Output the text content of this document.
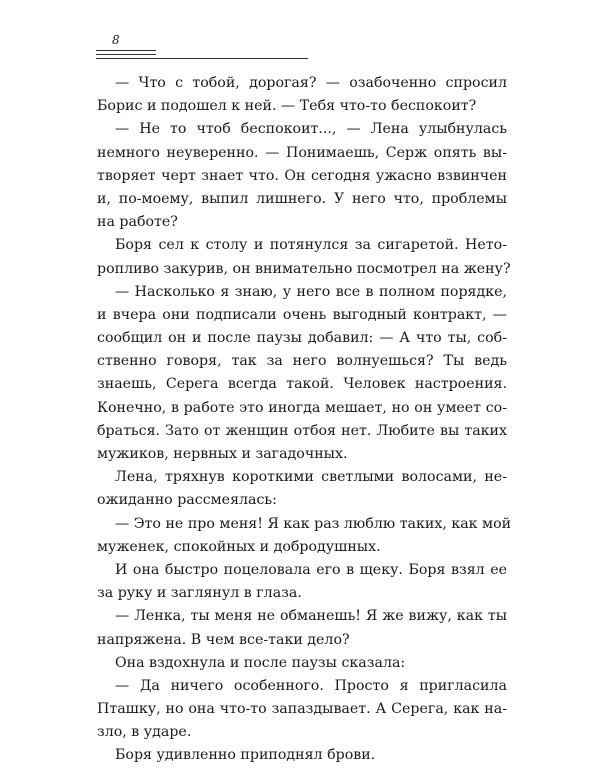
8
— Что с тобой, дорогая? — озабоченно спросил
Борис и подошел к ней. — Тебя что-то беспокоит?
— Не то чтоб беспокоит..., — Лена улыбнулась
немного неуверенно. — Понимаешь, Серж опять вы-
творяет черт знает что. Он сегодня ужасно взвинчен
и, по-моему, выпил лишнего. У него что, проблемы
на работе?
Боря сел к столу и потянулся за сигаретой. Нето-
ропливо закурив, он внимательно посмотрел на жену?
— Насколько я знаю, у него все в полном порядке,
и вчера они подписали очень выгодный контракт, —
сообщил он и после паузы добавил: — А что ты, соб-
ственно говоря, так за него волнуешься? Ты ведь
знаешь, Серега всегда такой. Человек настроения.
Конечно, в работе это иногда мешает, но он умеет со-
браться. Зато от женщин отбоя нет. Любите вы таких
мужиков, нервных и загадочных.
Лена, тряхнув короткими светлыми волосами, не-
ожиданно рассмеялась:
— Это не про меня! Я как раз люблю таких, как мой
муженек, спокойных и добродушных.
И она быстро поцеловала его в щеку. Боря взял ее
за руку и заглянул в глаза.
— Ленка, ты меня не обманешь! Я же вижу, как ты
напряжена. В чем все-таки дело?
Она вздохнула и после паузы сказала:
— Да ничего особенного. Просто я пригласила
Пташку, но она что-то запаздывает. А Серега, как на-
зло, в ударе.
Боря удивленно приподнял брови.
